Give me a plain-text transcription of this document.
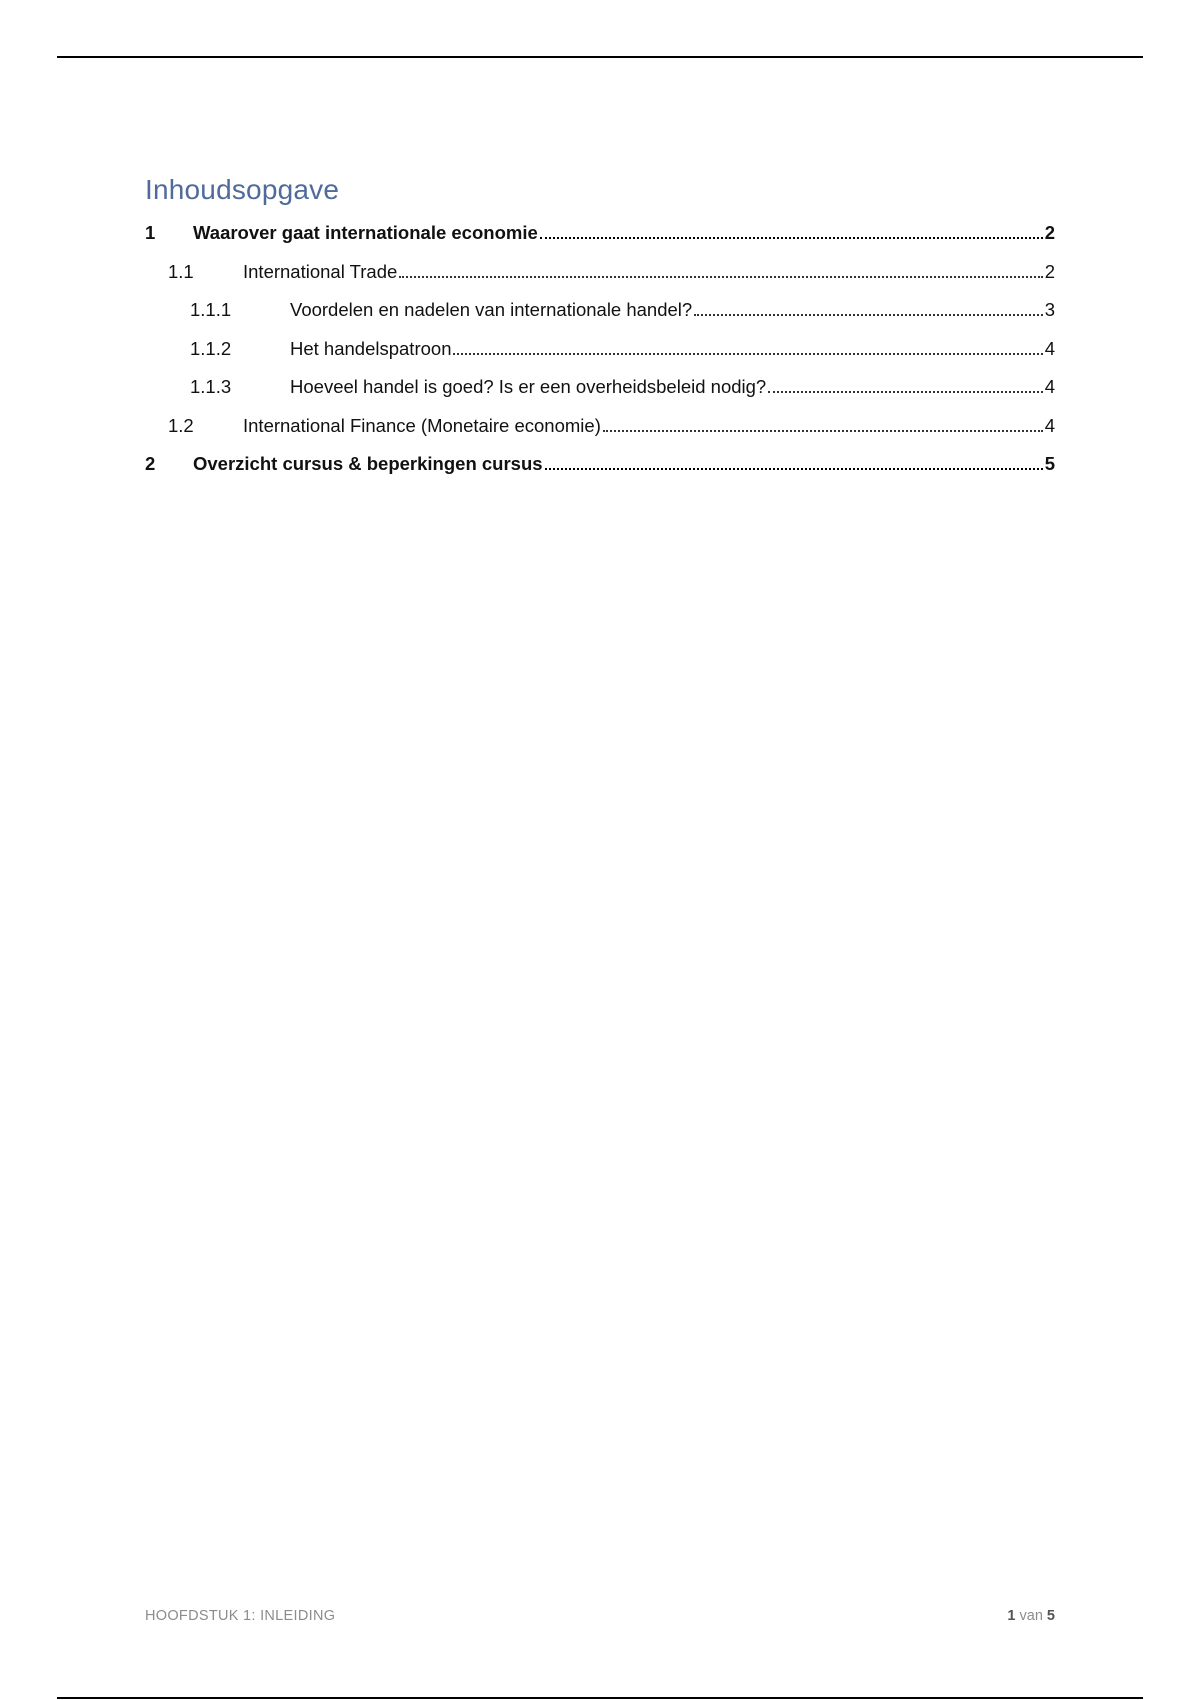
Inhoudsopgave
1	Waarover gaat internationale economie	2
1.1	International Trade	2
1.1.1	Voordelen en nadelen van internationale handel?	3
1.1.2	Het handelspatroon	4
1.1.3	Hoeveel handel is goed? Is er een overheidsbeleid nodig?	4
1.2	International Finance (Monetaire economie)	4
2	Overzicht cursus & beperkingen cursus	5
HOOFDSTUK 1: INLEIDING	1 van 5
